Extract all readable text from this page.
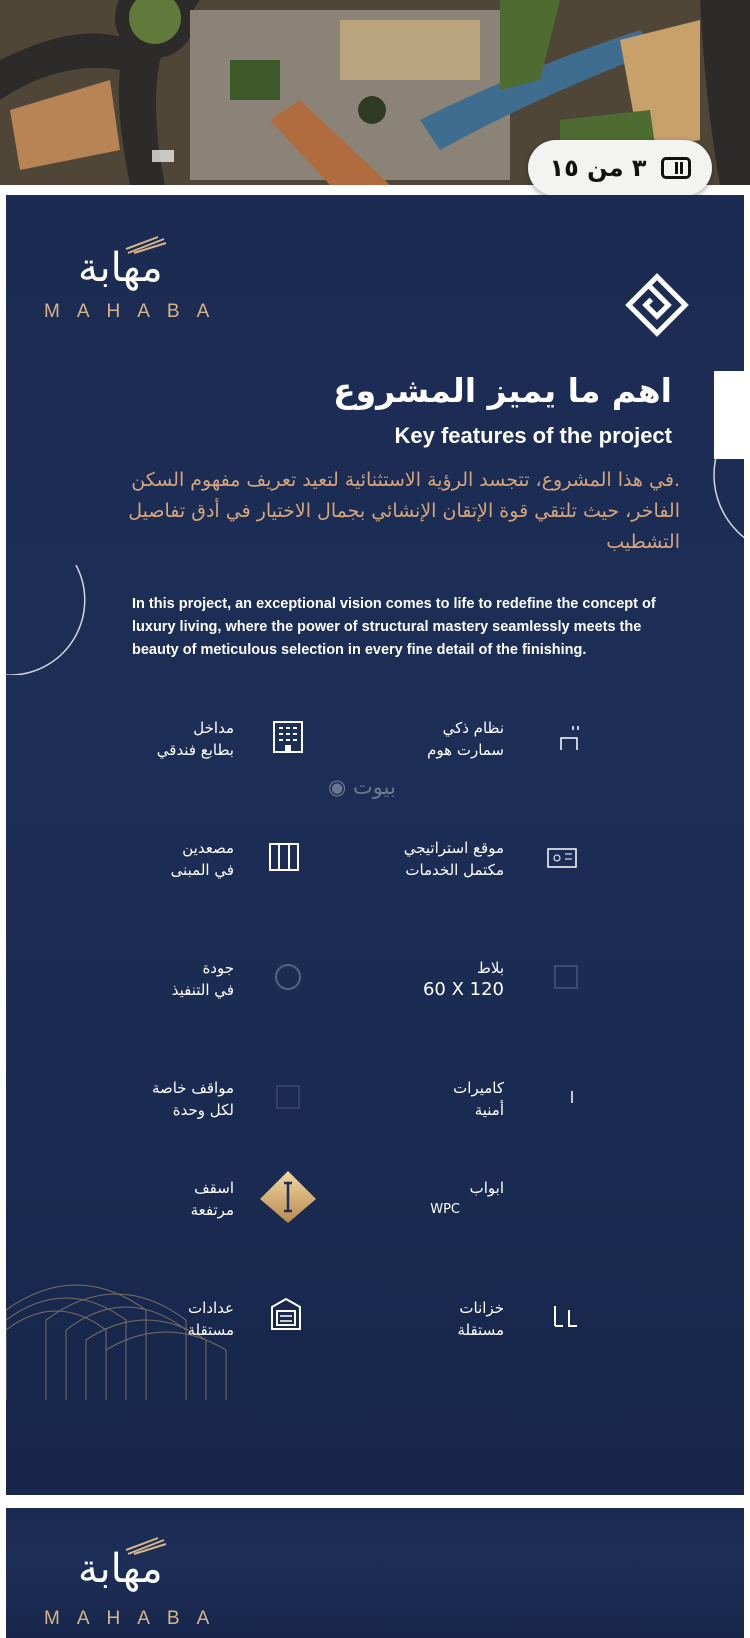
٣ من ١٥
مهابة
MAHABA
اهم ما يميز المشروع
Key features of the project
.في هذا المشروع، تتجسد الرؤية الاستثنائية لتعيد تعريف مفهوم السكن الفاخر، حيث تلتقي قوة الإتقان الإنشائي بجمال الاختيار في أدق تفاصيل التشطيب
In this project, an exceptional vision comes to life to redefine the concept of luxury living, where the power of structural mastery seamlessly meets the beauty of meticulous selection in every fine detail of the finishing.
بيوت ◉
مداخل
بطابع فندقي
نظام ذكي
سمارت هوم
مصعدين
في المبنى
موقع استراتيجي
مكتمل الخدمات
جودة
في التنفيذ
بلاط
60 X 120
مواقف خاصة
لكل وحدة
كاميرات
أمنية
اسقف
مرتفعة
ابواب
WPC
عدادات
مستقلة
خزانات
مستقلة
مهابة
MAHABA
